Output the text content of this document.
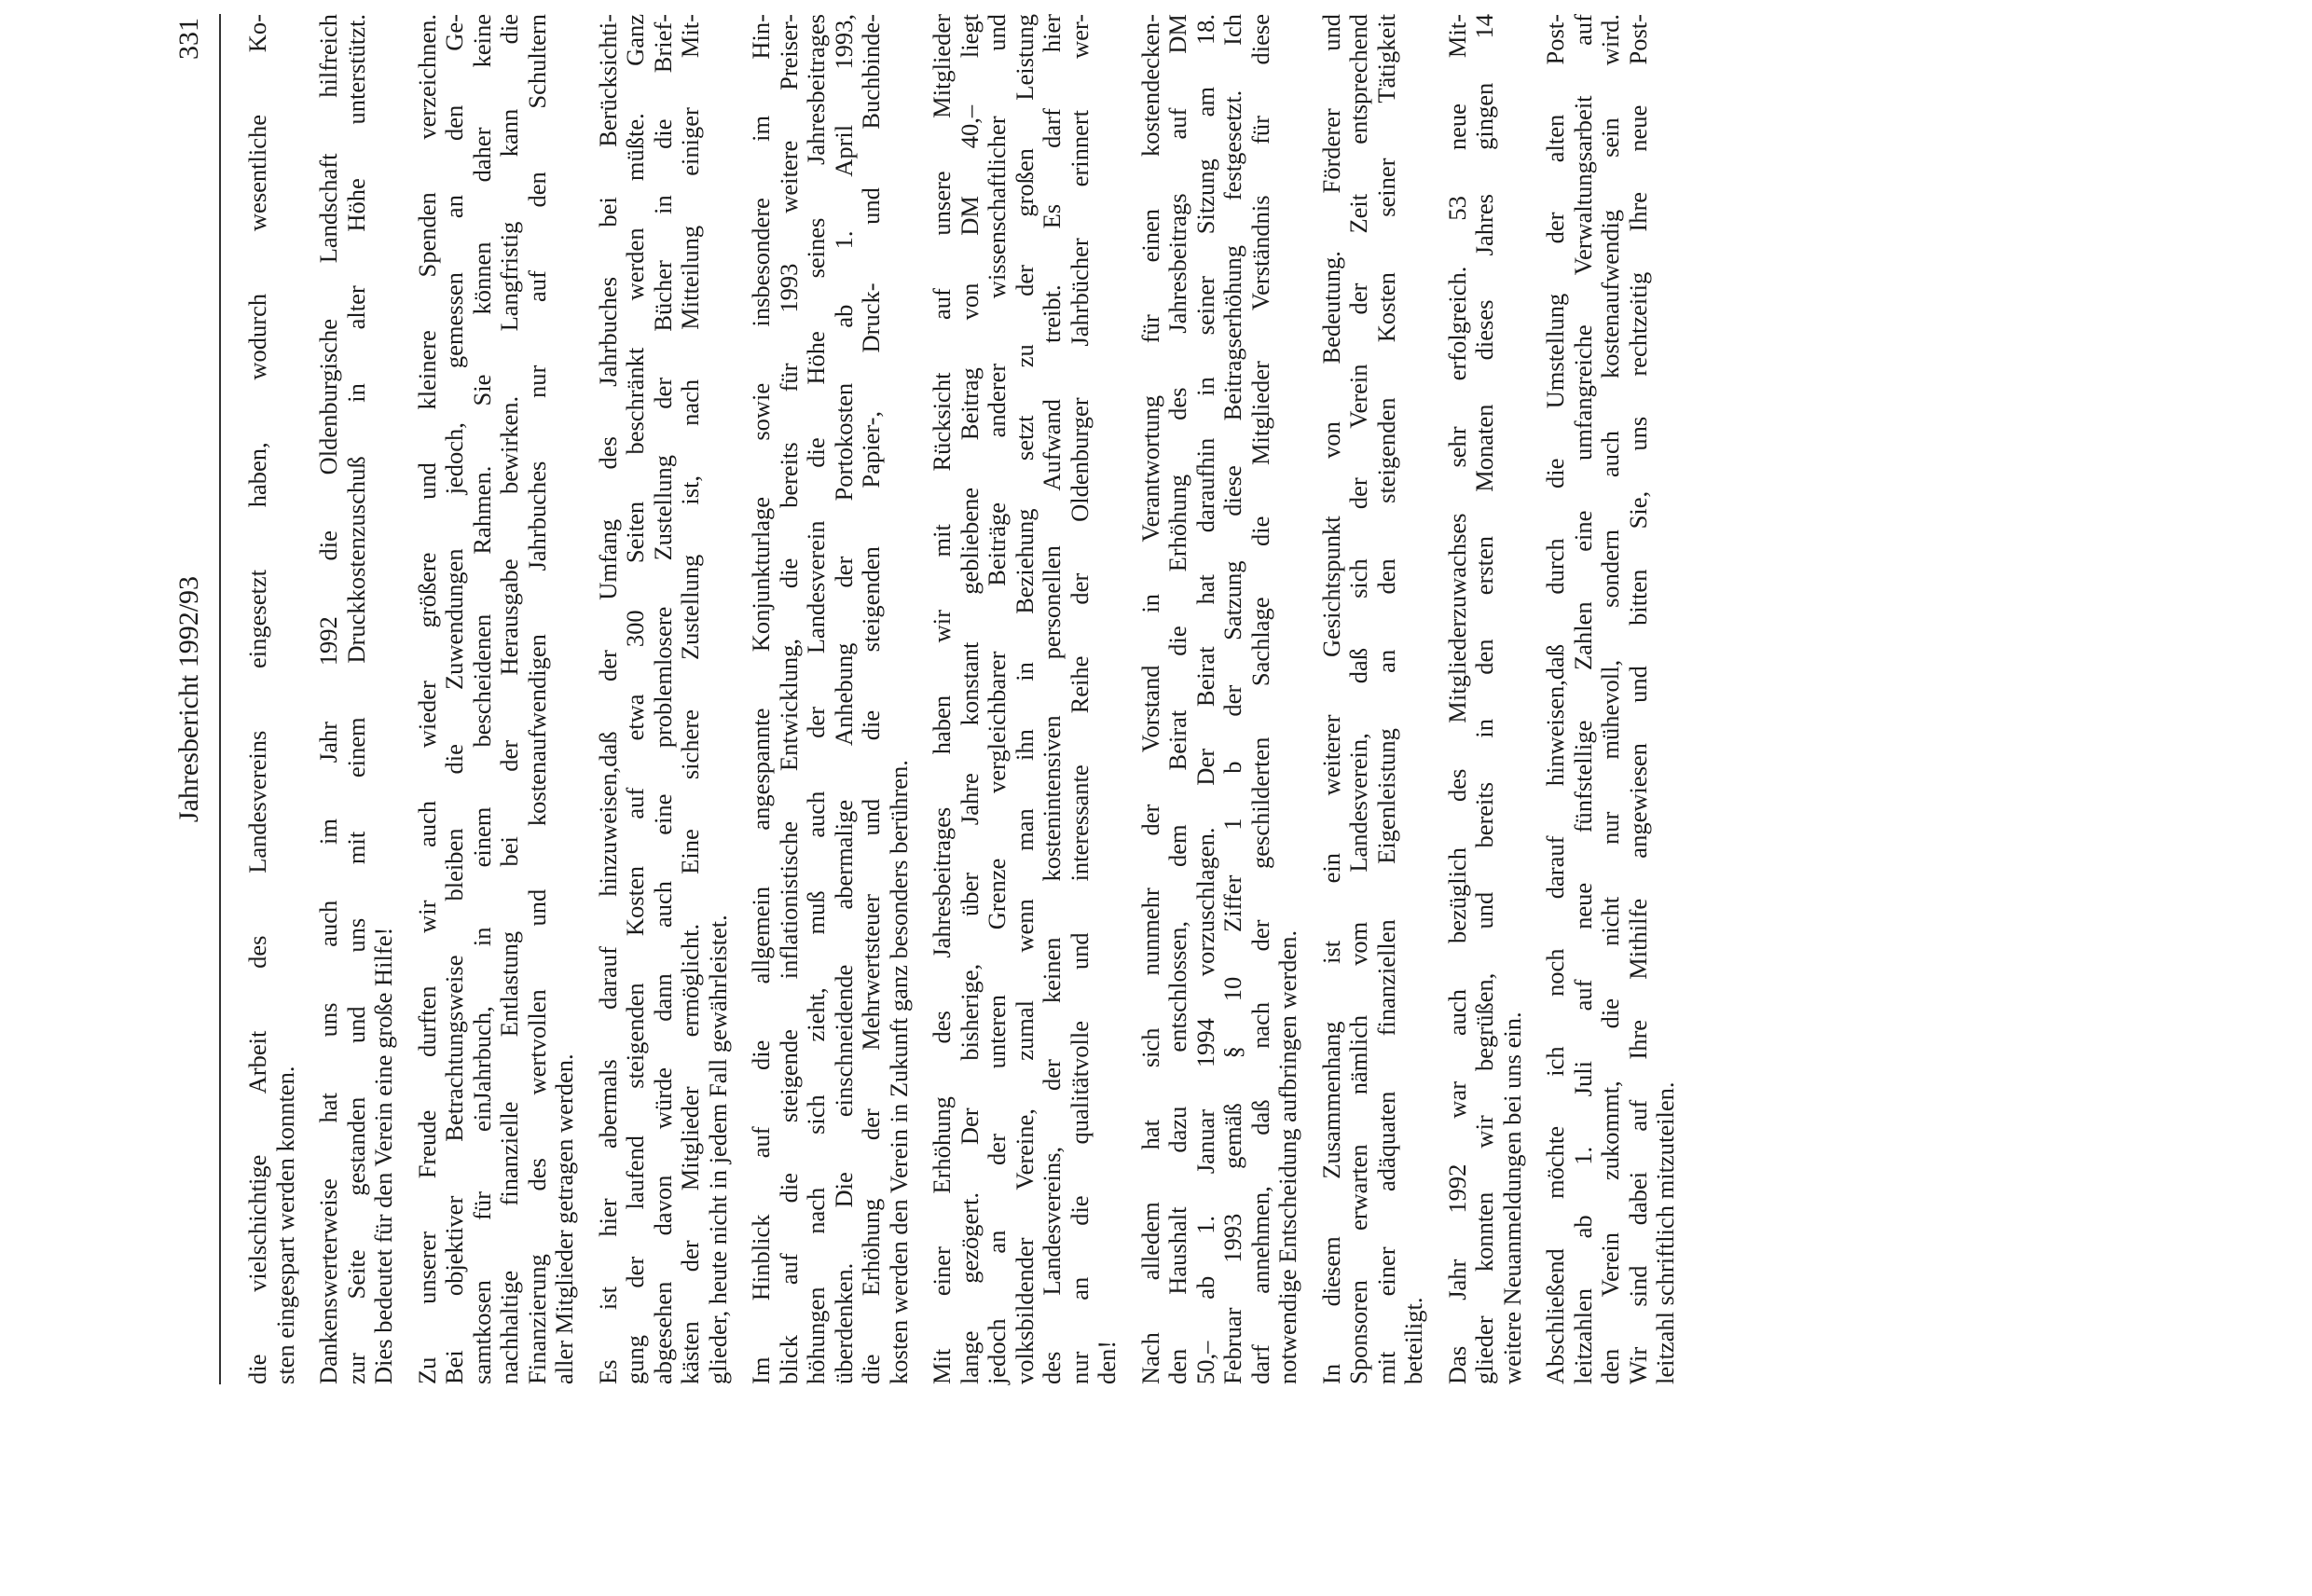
Jahresbericht 1992/93
331 die vielschichtige Arbeit des Landesvereins eingesetzt haben, wodurch wesentliche Ko- sten eingespart werden konnten. Dankenswerterweise hat uns auch im Jahr 1992 die Oldenburgische Landschaft hilfreich zur Seite gestanden und uns mit einem Druckkostenzuschuß in alter Höhe unterstützt. Dies bedeutet für den Verein eine große Hilfe! Zu unserer Freude durften wir auch wieder größere und kleinere Spenden verzeichnen. Bei objektiver Betrachtungsweise bleiben die Zuwendungen jedoch, gemessen an den Ge- samtkosen für einJahrbuch, in einem bescheidenen Rahmen. Sie können daher keine nachhaltige finanzielle Entlastung bei der Herausgabe bewirken. Langfristig kann die Finanzierung des wertvollen und kostenaufwendigen Jahrbuches nur auf den Schultern aller Mitglieder getragen werden. Es ist hier abermals darauf hinzuweisen,daß der Umfang des Jahrbuches bei Berücksichti- gung der laufend steigenden Kosten auf etwa 300 Seiten beschränkt werden müßte. Ganz abgesehen davon würde dann auch eine problemlosere Zustellung der Bücher in die Brief- kästen der Mitglieder ermöglicht. Eine sichere Zustellung ist, nach Mitteilung einiger Mit- glieder, heute nicht in jedem Fall gewährleistet. Im Hinblick auf die allgemein angespannte Konjunkturlage sowie insbesondere im Hin- blick auf die steigende inflationistische Entwicklung, die bereits für 1993 weitere Preiser- höhungen nach sich zieht, muß auch der Landesverein die Höhe seines Jahresbeitrages überdenken. Die einschneidende abermalige Anhebung der Portokosten ab 1. April 1993, die Erhöhung der Mehrwertsteuer und die steigenden Papier-, Druck- und Buchbinde- kosten werden den Verein in Zukunft ganz besonders berühren. Mit einer Erhöhung des Jahresbeitrages haben wir mit Rücksicht auf unsere Mitglieder lange gezögert. Der bisherige, über Jahre konstant gebliebene Beitrag von DM 40,– liegt jedoch an der unteren Grenze vergleichbarer Beiträge anderer wissenschaftlicher und volksbildender Vereine, zumal wenn man ihn in Beziehung setzt zu der großen Leistung des Landesvereins, der keinen kostenintensiven personellen Aufwand treibt. Es darf hier nur an die qualitätvolle und interessante Reihe der Oldenburger Jahrbücher erinnert wer- den! Nach alledem hat sich nunmehr der Vorstand in Verantwortung für einen kostendecken- den Haushalt dazu entschlossen, dem Beirat die Erhöhung des Jahresbeitrags auf DM 50,– ab 1. Januar 1994 vorzuschlagen. Der Beirat hat daraufhin in seiner Sitzung am 18. Februar 1993 gemäß § 10 Ziffer 1 b der Satzung diese Beitragserhöhung festgesetzt. Ich darf annehmen, daß nach der geschilderten Sachlage die Mitglieder Verständnis für diese notwendige Entscheidung aufbringen werden. In diesem Zusammenhang ist ein weiterer Gesichtspunkt von Bedeutung. Förderer und Sponsoren erwarten nämlich vom Landesverein, daß sich der Verein der Zeit entsprechend mit einer adäquaten finanziellen Eigenleistung an den steigenden Kosten seiner Tätigkeit beteiligt. Das Jahr 1992 war auch bezüglich des Mitgliederzuwachses sehr erfolgreich. 53 neue Mit- glieder konnten wir begrüßen, und bereits in den ersten Monaten dieses Jahres gingen 14 weitere Neuanmeldungen bei uns ein. Abschließend möchte ich noch darauf hinweisen,daß durch die Umstellung der alten Post- leitzahlen ab 1. Juli auf neue fünfstellige Zahlen eine umfangreiche Verwaltungsarbeit auf den Verein zukommt, die nicht nur mühevoll, sondern auch kostenaufwendig sein wird. Wir sind dabei auf Ihre Mithilfe angewiesen und bitten Sie, uns rechtzeitig Ihre neue Post- leitzahl schriftlich mitzuteilen.
